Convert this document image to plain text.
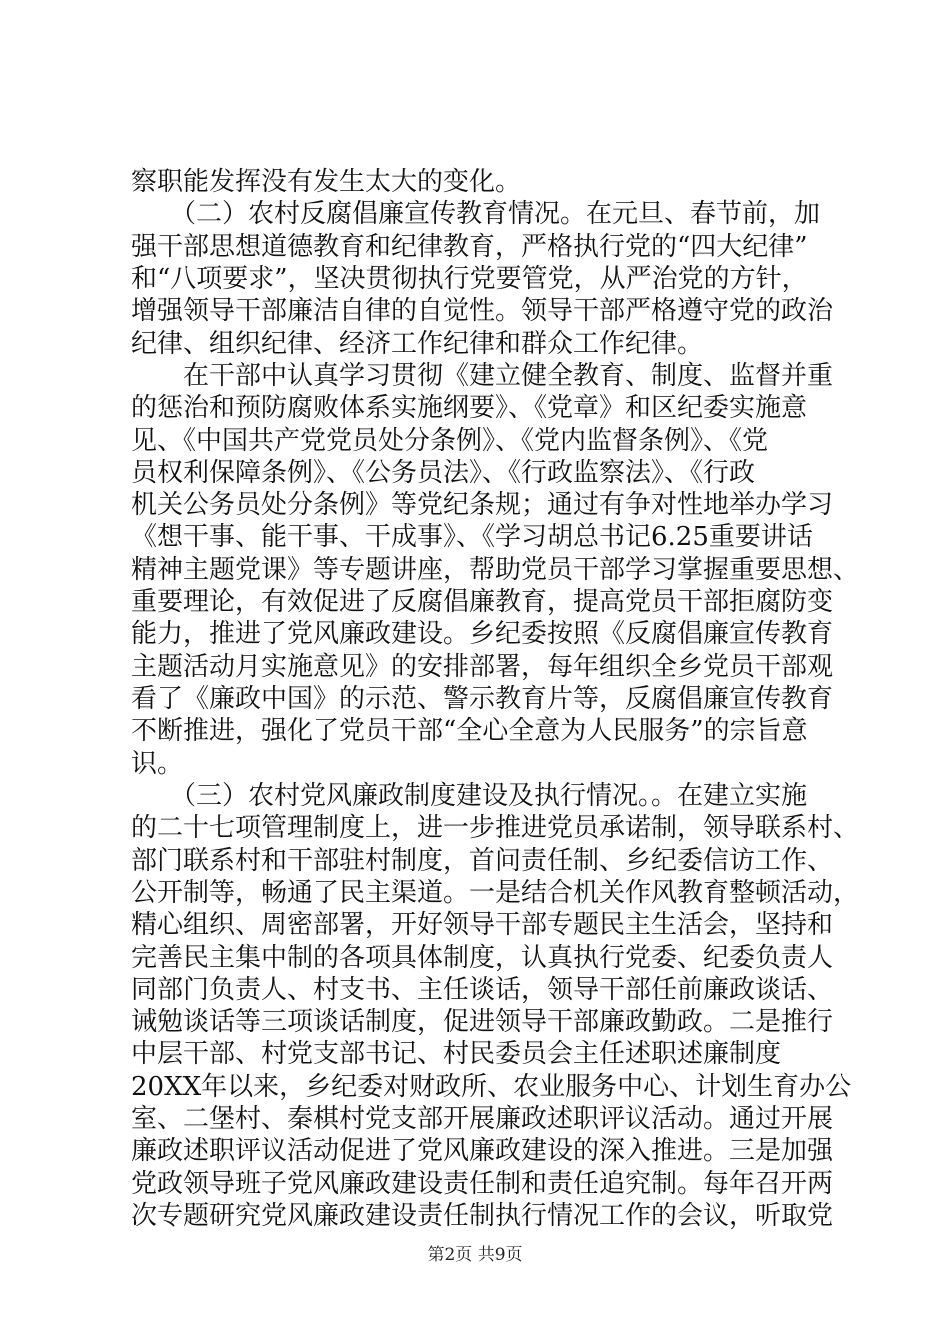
察职能发挥没有发生太大的变化。
　　（二）农村反腐倡廉宣传教育情况。在元旦、春节前，加
强干部思想道德教育和纪律教育，严格执行党的“四大纪律”
和“八项要求”，坚决贯彻执行党要管党，从严治党的方针，
增强领导干部廉洁自律的自觉性。领导干部严格遵守党的政治
纪律、组织纪律、经济工作纪律和群众工作纪律。
　　在干部中认真学习贯彻《建立健全教育、制度、监督并重
的惩治和预防腐败体系实施纲要》、《党章》和区纪委实施意
见、《中国共产党党员处分条例》、《党内监督条例》、《党
员权利保障条例》、《公务员法》、《行政监察法》、《行政
机关公务员处分条例》等党纪条规；通过有争对性地举办学习
《想干事、能干事、干成事》、《学习胡总书记6.25重要讲话
精神主题党课》等专题讲座，帮助党员干部学习掌握重要思想、
重要理论，有效促进了反腐倡廉教育，提高党员干部拒腐防变
能力，推进了党风廉政建设。乡纪委按照《反腐倡廉宣传教育
主题活动月实施意见》的安排部署，每年组织全乡党员干部观
看了《廉政中国》的示范、警示教育片等，反腐倡廉宣传教育
不断推进，强化了党员干部“全心全意为人民服务”的宗旨意
识。
　　（三）农村党风廉政制度建设及执行情况。。在建立实施
的二十七项管理制度上，进一步推进党员承诺制，领导联系村、
部门联系村和干部驻村制度，首问责任制、乡纪委信访工作、
公开制等，畅通了民主渠道。一是结合机关作风教育整顿活动，
精心组织、周密部署，开好领导干部专题民主生活会，坚持和
完善民主集中制的各项具体制度，认真执行党委、纪委负责人
同部门负责人、村支书、主任谈话，领导干部任前廉政谈话、
诫勉谈话等三项谈话制度，促进领导干部廉政勤政。二是推行
中层干部、村党支部书记、村民委员会主任述职述廉制度
20XX年以来，乡纪委对财政所、农业服务中心、计划生育办公
室、二堡村、秦棋村党支部开展廉政述职评议活动。通过开展
廉政述职评议活动促进了党风廉政建设的深入推进。三是加强
党政领导班子党风廉政建设责任制和责任追究制。每年召开两
次专题研究党风廉政建设责任制执行情况工作的会议，听取党
第2页 共9页
